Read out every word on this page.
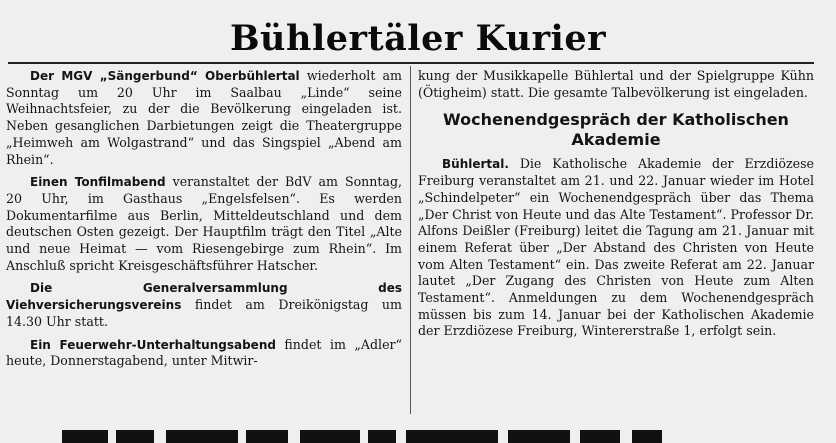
Bühlertäler Kurier

Der MGV „Sängerbund“ Oberbühlertal wiederholt am Sonntag um 20 Uhr im Saalbau „Linde“ seine Weihnachtsfeier, zu der die Bevölkerung eingeladen ist. Neben gesanglichen Darbietungen zeigt die Theatergruppe „Heimweh am Wolgastrand“ und das Singspiel „Abend am Rhein“.

Einen Tonfilmabend veranstaltet der BdV am Sonntag, 20 Uhr, im Gasthaus „Engelsfelsen“. Es werden Dokumentarfilme aus Berlin, Mitteldeutschland und dem deutschen Osten gezeigt. Der Hauptfilm trägt den Titel „Alte und neue Heimat — vom Riesengebirge zum Rhein“. Im Anschluß spricht Kreisgeschäftsführer Hatscher.

Die Generalversammlung des Viehversicherungsvereins findet am Dreikönigstag um 14.30 Uhr statt.

Ein Feuerwehr-Unterhaltungsabend findet im „Adler“ heute, Donnerstagabend, unter Mitwir-

kung der Musikkapelle Bühlertal und der Spielgruppe Kühn (Ötigheim) statt. Die gesamte Talbevölkerung ist eingeladen.

Wochenendgespräch der Katholischen Akademie

Bühlertal. Die Katholische Akademie der Erzdiözese Freiburg veranstaltet am 21. und 22. Januar wieder im Hotel „Schindelpeter“ ein Wochenendgespräch über das Thema „Der Christ von Heute und das Alte Testament“. Professor Dr. Alfons Deißler (Freiburg) leitet die Tagung am 21. Januar mit einem Referat über „Der Abstand des Christen von Heute vom Alten Testament“ ein. Das zweite Referat am 22. Januar lautet „Der Zugang des Christen von Heute zum Alten Testament“. Anmeldungen zu dem Wochenendgespräch müssen bis zum 14. Januar bei der Katholischen Akademie der Erzdiözese Freiburg, Wintererstraße 1, erfolgt sein.
